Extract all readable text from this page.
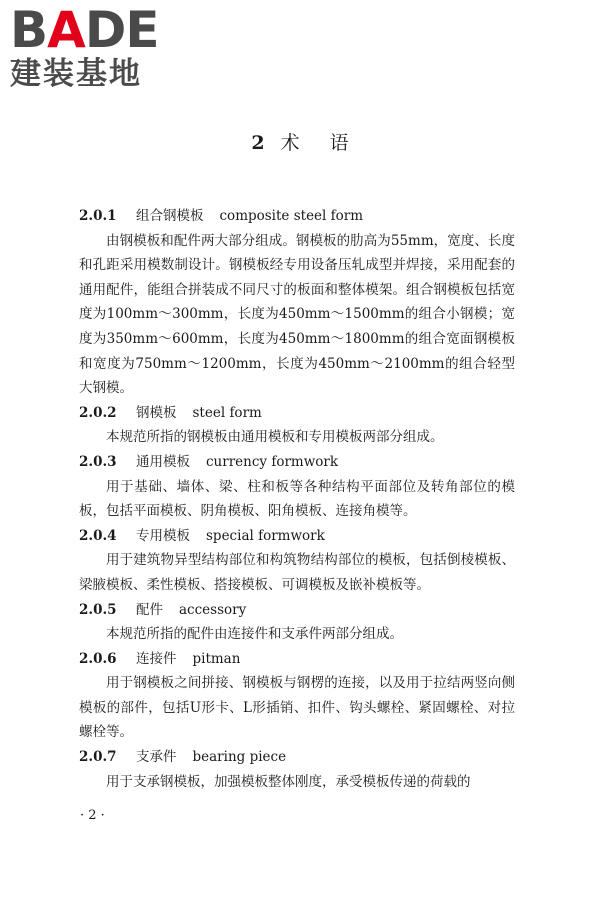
BADE
建装基地
2 术 语
2.0.1 组合钢模板 composite steel form

由钢模板和配件两大部分组成。钢模板的肋高为55mm，宽度、长度和孔距采用模数制设计。钢模板经专用设备压轧成型并焊接，采用配套的通用配件，能组合拼装成不同尺寸的板面和整体模架。组合钢模板包括宽度为100mm～300mm，长度为450mm～1500mm的组合小钢模；宽度为350mm～600mm，长度为450mm～1800mm的组合宽面钢模板和宽度为750mm～1200mm，长度为450mm～2100mm的组合轻型大钢模。

2.0.2 钢模板 steel form

本规范所指的钢模板由通用模板和专用模板两部分组成。

2.0.3 通用模板 currency formwork

用于基础、墙体、梁、柱和板等各种结构平面部位及转角部位的模板，包括平面模板、阴角模板、阳角模板、连接角模等。

2.0.4 专用模板 special formwork

用于建筑物异型结构部位和构筑物结构部位的模板，包括倒棱模板、梁腋模板、柔性模板、搭接模板、可调模板及嵌补模板等。

2.0.5 配件 accessory

本规范所指的配件由连接件和支承件两部分组成。

2.0.6 连接件 pitman

用于钢模板之间拼接、钢模板与钢楞的连接，以及用于拉结两竖向侧模板的部件，包括U形卡、L形插销、扣件、钩头螺栓、紧固螺栓、对拉螺栓等。

2.0.7 支承件 bearing piece

用于支承钢模板，加强模板整体刚度，承受模板传递的荷载的

· 2 ·
